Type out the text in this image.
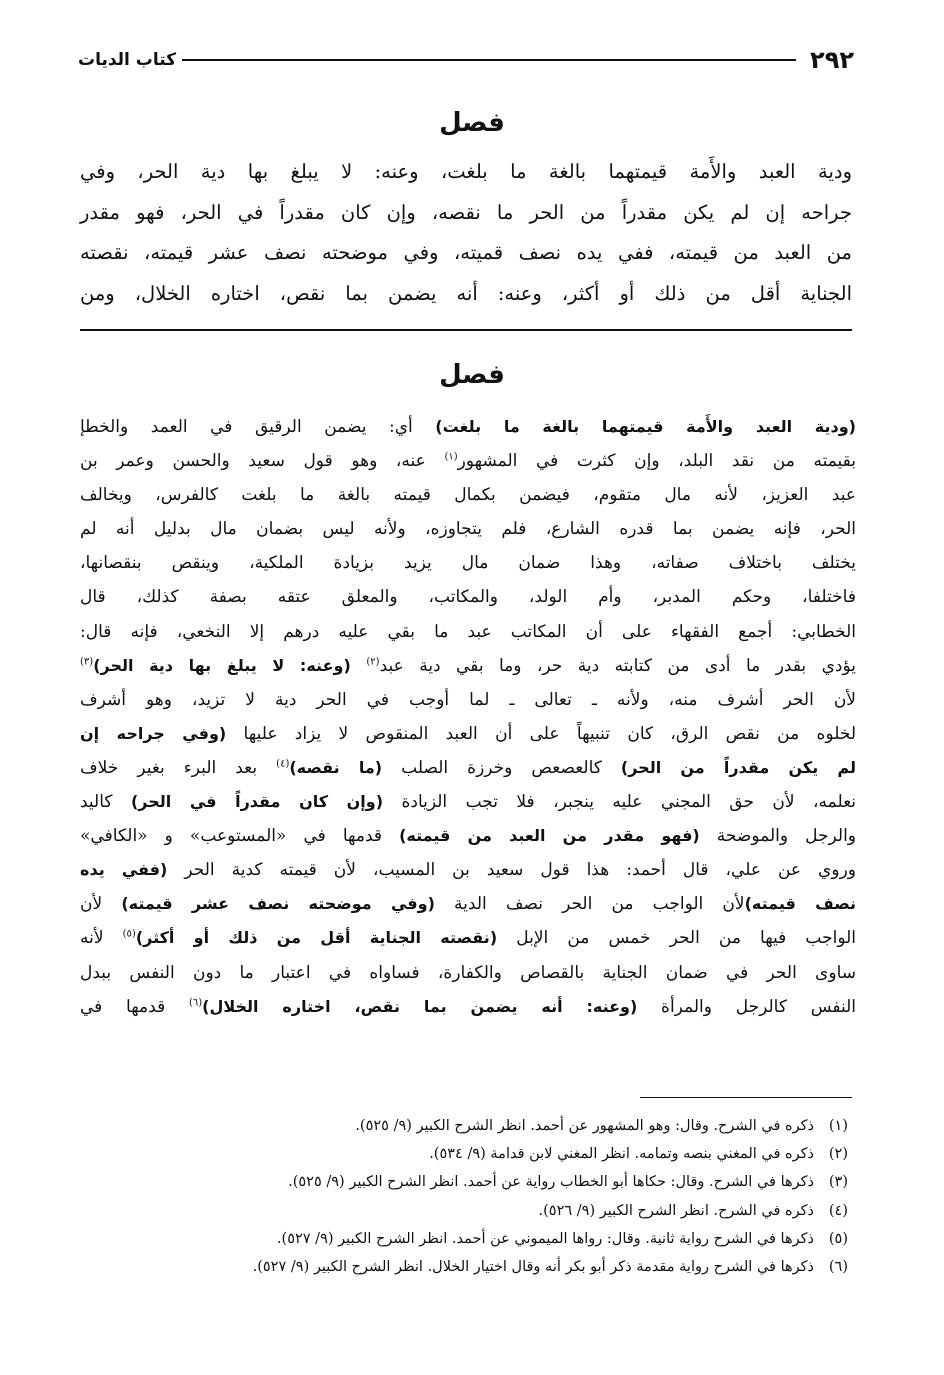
٢٩٢
كتاب الديات
فصل

ودية العبد والأَمة قيمتهما بالغة ما بلغت، وعنه: لا يبلغ بها دية الحر، وفي

جراحه إن لم يكن مقدراً من الحر ما نقصه، وإن كان مقدراً في الحر، فهو مقدر

من العبد من قيمته، ففي يده نصف قميته، وفي موضحته نصف عشر قيمته، نقصته

الجناية أقل من ذلك أو أكثر، وعنه: أنه يضمن بما نقص، اختاره الخلال، ومن

فصل

(ودية العبد والأَمة قيمتهما بالغة ما بلغت) أي: يضمن الرقيق في العمد والخطإ

بقيمته من نقد البلد، وإن كثرت في المشهور$^{(١)}$ عنه، وهو قول سعيد والحسن وعمر بن

عبد العزيز، لأنه مال متقوم، فيضمن بكمال قيمته بالغة ما بلغت كالفرس، ويخالف

الحر، فإنه يضمن بما قدره الشارع، فلم يتجاوزه، ولأنه ليس بضمان مال بدليل أنه لم

يختلف باختلاف صفاته، وهذا ضمان مال يزيد بزيادة الملكية، وينقص بنقصانها،

فاختلفا، وحكم المدبر، وأم الولد، والمكاتب، والمعلق عتقه بصفة كذلك، قال

الخطابي: أجمع الفقهاء على أن المكاتب عبد ما بقي عليه درهم إلا النخعي، فإنه قال:

يؤدي بقدر ما أدى من كتابته دية حر، وما بقي دية عبد$^{(٢)}$ (وعنه: لا يبلغ بها دية الحر)$^{(٣)}$

لأن الحر أشرف منه، ولأنه ـ تعالى ـ لما أوجب في الحر دية لا تزيد، وهو أشرف

لخلوه من نقص الرق، كان تنبيهاً على أن العبد المنقوص لا يزاد عليها (وفي جراحه إن

لم يكن مقدراً من الحر) كالعصعص وخرزة الصلب (ما نقصه)$^{(٤)}$ بعد البرء بغير خلاف

نعلمه، لأن حق المجني عليه ينجبر، فلا تجب الزيادة (وإن كان مقدراً في الحر) كاليد

والرجل والموضحة (فهو مقدر من العبد من قيمته) قدمها في «المستوعب» و «الكافي»

وروي عن علي، قال أحمد: هذا قول سعيد بن المسيب، لأن قيمته كدية الحر (ففي يده

نصف قيمته)لأن الواجب من الحر نصف الدية (وفي موضحته نصف عشر قيمته) لأن

الواجب فيها من الحر خمس من الإبل (نقصته الجناية أقل من ذلك أو أكثر)$^{(٥)}$ لأنه

ساوى الحر في ضمان الجناية بالقصاص والكفارة، فساواه في اعتبار ما دون النفس ببدل

النفس كالرجل والمرأة (وعنه: أنه يضمن بما نقص، اختاره الخلال)$^{(٦)}$ قدمها في

(١)
ذكره في الشرح. وقال: وهو المشهور عن أحمد. انظر الشرح الكبير (٩/ ٥٢٥).
(٢)
ذكره في المغني بنصه وتمامه. انظر المغني لابن قدامة (٩/ ٥٣٤).
(٣)
ذكرها في الشرح. وقال: حكاها أبو الخطاب رواية عن أحمد. انظر الشرح الكبير (٩/ ٥٢٥).
(٤)
ذكره في الشرح. انظر الشرح الكبير (٩/ ٥٢٦).
(٥)
ذكرها في الشرح رواية ثانية. وقال: رواها الميموني عن أحمد. انظر الشرح الكبير (٩/ ٥٢٧).
(٦)
ذكرها في الشرح رواية مقدمة ذكر أبو بكر أنه وقال اختيار الخلال. انظر الشرح الكبير (٩/ ٥٢٧).
